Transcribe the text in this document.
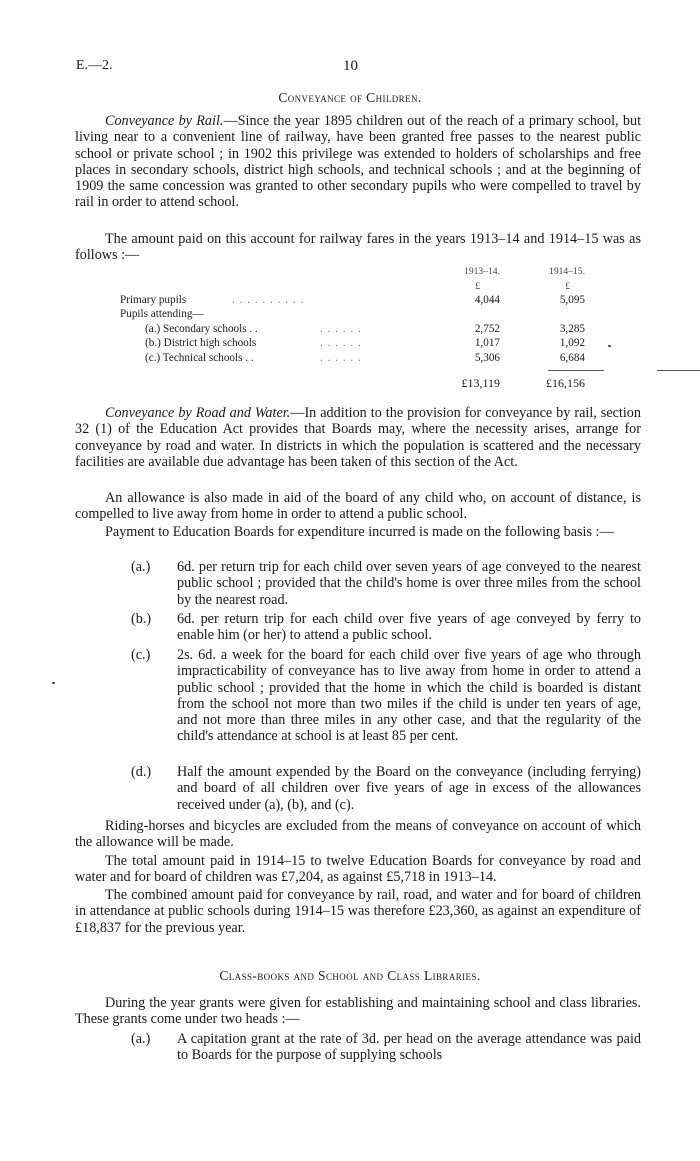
E.—2.	10
Conveyance of Children.

Conveyance by Rail.—Since the year 1895 children out of the reach of a primary school, but living near to a convenient line of railway, have been granted free passes to the nearest public school or private school ; in 1902 this privilege was extended to holders of scholarships and free places in secondary schools, district high schools, and technical schools ; and at the beginning of 1909 the same concession was granted to other secondary pupils who were compelled to travel by rail in order to attend school.

The amount paid on this account for railway fares in the years 1913–14 and 1914–15 was as follows :—

1913–14.	1914–15.
£	£
Primary pupils	. . . . . . . . . .	4,044	5,095
Pupils attending—
(a.) Secondary schools . .	. . . . . .	2,752	3,285
(b.) District high schools	. . . . . .	1,017	1,092
(c.) Technical schools . .	. . . . . .	5,306	6,684
£13,119	£16,156

Conveyance by Road and Water.—In addition to the provision for conveyance by rail, section 32 (1) of the Education Act provides that Boards may, where the necessity arises, arrange for conveyance by road and water. In districts in which the population is scattered and the necessary facilities are available due advantage has been taken of this section of the Act.

An allowance is also made in aid of the board of any child who, on account of distance, is compelled to live away from home in order to attend a public school.

Payment to Education Boards for expenditure incurred is made on the following basis :—

(a.) 6d. per return trip for each child over seven years of age conveyed to the nearest public school ; provided that the child's home is over three miles from the school by the nearest road.

(b.) 6d. per return trip for each child over five years of age conveyed by ferry to enable him (or her) to attend a public school.

(c.) 2s. 6d. a week for the board for each child over five years of age who through impracticability of conveyance has to live away from home in order to attend a public school ; provided that the home in which the child is boarded is distant from the school not more than two miles if the child is under ten years of age, and not more than three miles in any other case, and that the regularity of the child's attendance at school is at least 85 per cent.

(d.) Half the amount expended by the Board on the conveyance (including ferrying) and board of all children over five years of age in excess of the allowances received under (a), (b), and (c).

Riding-horses and bicycles are excluded from the means of conveyance on account of which the allowance will be made.

The total amount paid in 1914–15 to twelve Education Boards for conveyance by road and water and for board of children was £7,204, as against £5,718 in 1913–14.

The combined amount paid for conveyance by rail, road, and water and for board of children in attendance at public schools during 1914–15 was therefore £23,360, as against an expenditure of £18,837 for the previous year.

Class-books and School and Class Libraries.

During the year grants were given for establishing and maintaining school and class libraries. These grants come under two heads :—

(a.) A capitation grant at the rate of 3d. per head on the average attendance was paid to Boards for the purpose of supplying schools
